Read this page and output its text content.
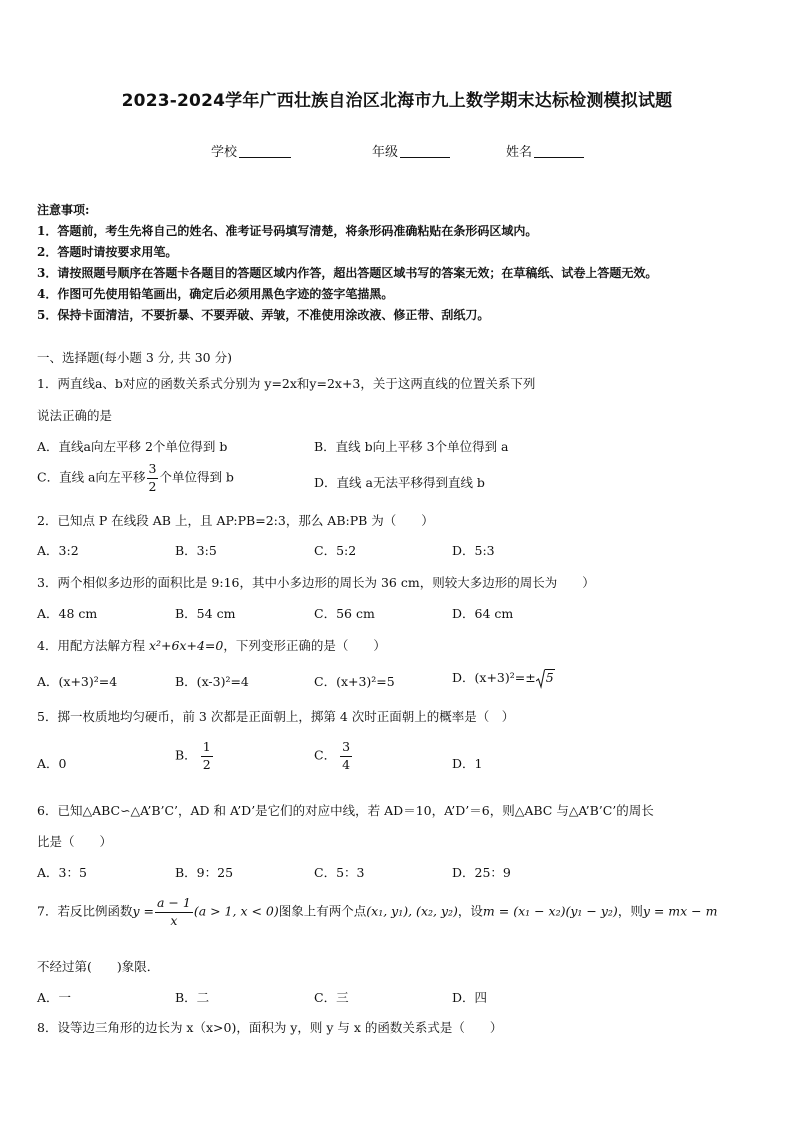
2023-2024学年广西壮族自治区北海市九上数学期末达标检测模拟试题
学校	年级	姓名
注意事项:
1．答题前，考生先将自己的姓名、准考证号码填写清楚，将条形码准确粘贴在条形码区域内。
2．答题时请按要求用笔。
3．请按照题号顺序在答题卡各题目的答题区域内作答，超出答题区域书写的答案无效；在草稿纸、试卷上答题无效。
4．作图可先使用铅笔画出，确定后必须用黑色字迹的签字笔描黑。
5．保持卡面清洁，不要折暴、不要弄破、弄皱，不准使用涂改液、修正带、刮纸刀。
一、选择题(每小题 3 分, 共 30 分)
1．两直线a、b对应的函数关系式分别为 y=2x和y=2x+3，关于这两直线的位置关系下列
说法正确的是
A．直线a向左平移 2个单位得到 b	B．直线 b向上平移 3个单位得到 a
C．直线 a向左平移 $\frac{3}{2}$ 个单位得到 b	D．直线 a无法平移得到直线 b
2．已知点 P 在线段 AB 上，且 AP:PB=2:3，那么 AB:PB 为（　　）
A．3:2	B．3:5	C．5:2	D．5:3
3．两个相似多边形的面积比是 9:16，其中小多边形的周长为 36 cm，则较大多边形的周长为　　）
A．48 cm	B．54 cm	C．56 cm	D．64 cm
4．用配方法解方程 x²+6x+4=0，下列变形正确的是（　　）
A．(x+3)²=4	B．(x-3)²=4	C．(x+3)²=5	D．(x+3)²=± 5
5．掷一枚质地均匀硬币，前 3 次都是正面朝上，掷第 4 次时正面朝上的概率是（　）
A．0
B． $\frac{1}{2}$	C． $\frac{3}{4}$	D．1
6．已知△ABC∽△A’B’C’，AD 和 A’D’是它们的对应中线，若 AD＝10，A’D’＝6，则△ABC 与△A’B’C’的周长
比是（　　）
A．3：5	B．9：25	C．5：3	D．25：9
7．若反比例函数$y = \frac{a - 1}{x} (a > 1$, x < 0)图象上有两个点(x₁, y₁), (x₂, y₂)，设m = (x₁ − x₂)(y₁ − y₂)，则y = mx − m
不经过第(　　)象限．
A．一	B．二	C．三	D．四
8．设等边三角形的边长为 x（x>0)，面积为 y，则 y 与 x 的函数关系式是（　　）
